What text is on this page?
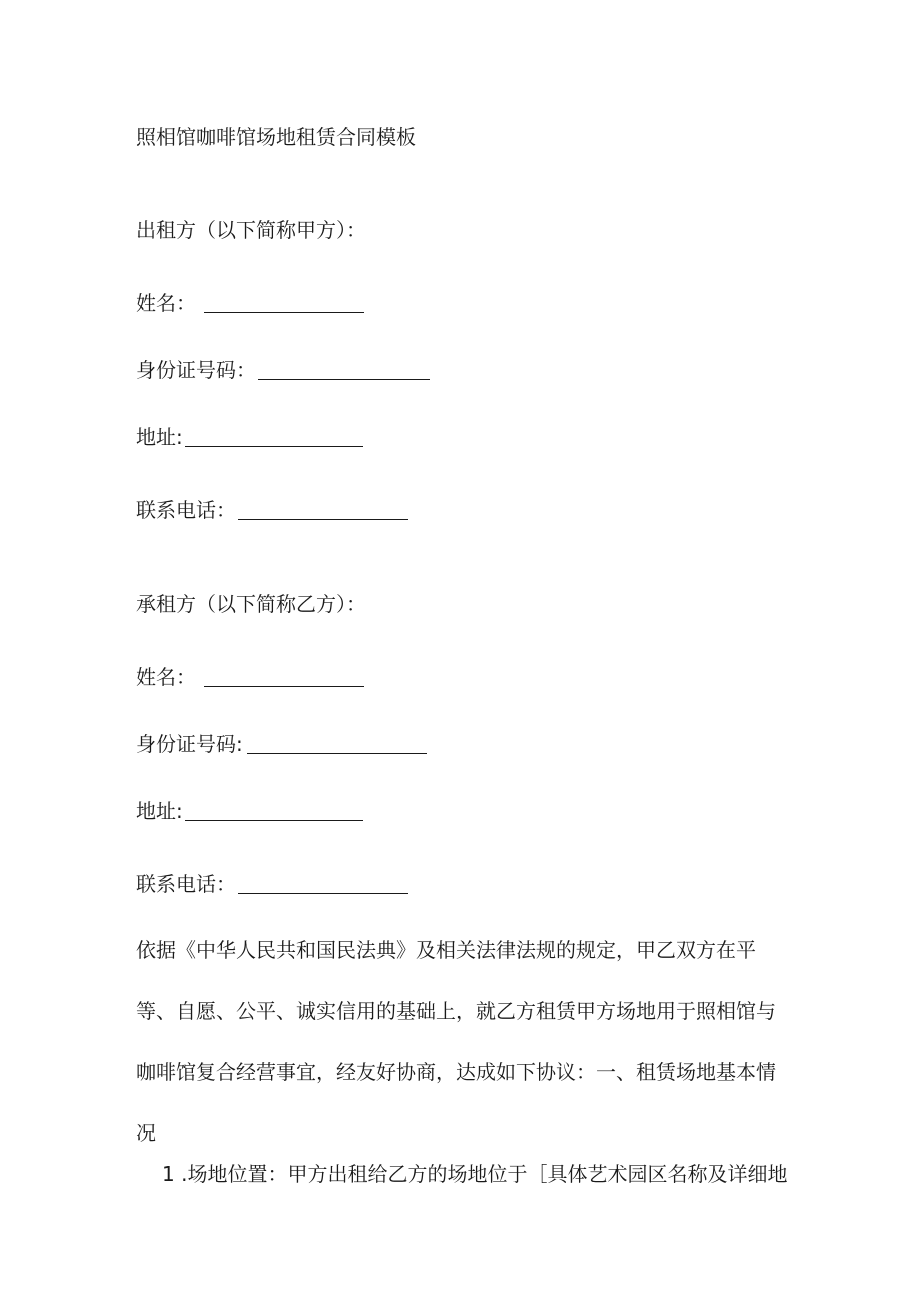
照相馆咖啡馆场地租赁合同模板
出租方（以下简称甲方）：
姓名：
身份证号码：
地址:
联系电话：
承租方（以下简称乙方）：
姓名：
身份证号码:
地址:
联系电话：
依据《中华人民共和国民法典》及相关法律法规的规定，甲乙双方在平
等、自愿、公平、诚实信用的基础上，就乙方租赁甲方场地用于照相馆与
咖啡馆复合经营事宜，经友好协商，达成如下协议：一、租赁场地基本情
况
1 .场地位置：甲方出租给乙方的场地位于［具体艺术园区名称及详细地
